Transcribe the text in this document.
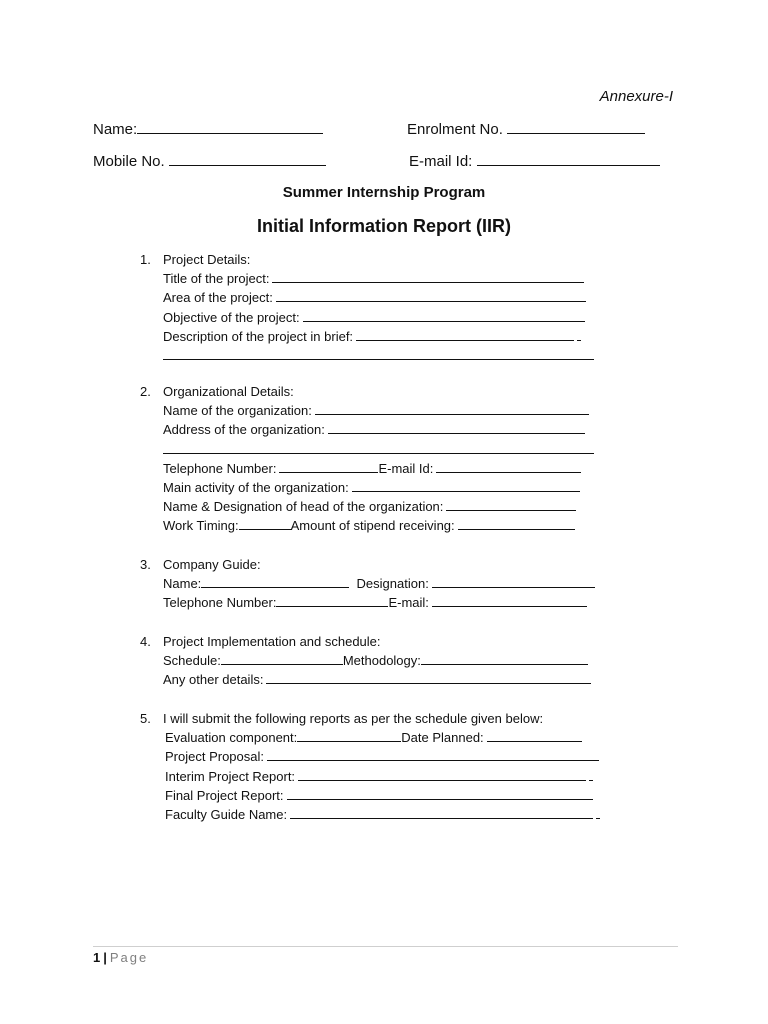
Annexure-I
Name:	Enrolment No.
Mobile No.	E-mail Id:
Summer Internship Program
Initial Information Report (IIR)
1. Project Details:
Title of the project:
Area of the project:
Objective of the project:
Description of the project in brief:
2. Organizational Details:
Name of the organization:
Address of the organization:
Telephone Number:	E-mail Id:
Main activity of the organization:
Name & Designation of head of the organization:
Work Timing:	Amount of stipend receiving:
3. Company Guide:
Name:	Designation:
Telephone Number:	E-mail:
4. Project Implementation and schedule:
Schedule:	Methodology:
Any other details:
5. I will submit the following reports as per the schedule given below:
Evaluation component:	Date Planned:
Project Proposal:
Interim Project Report:
Final Project Report:
Faculty Guide Name:
1 | Page
